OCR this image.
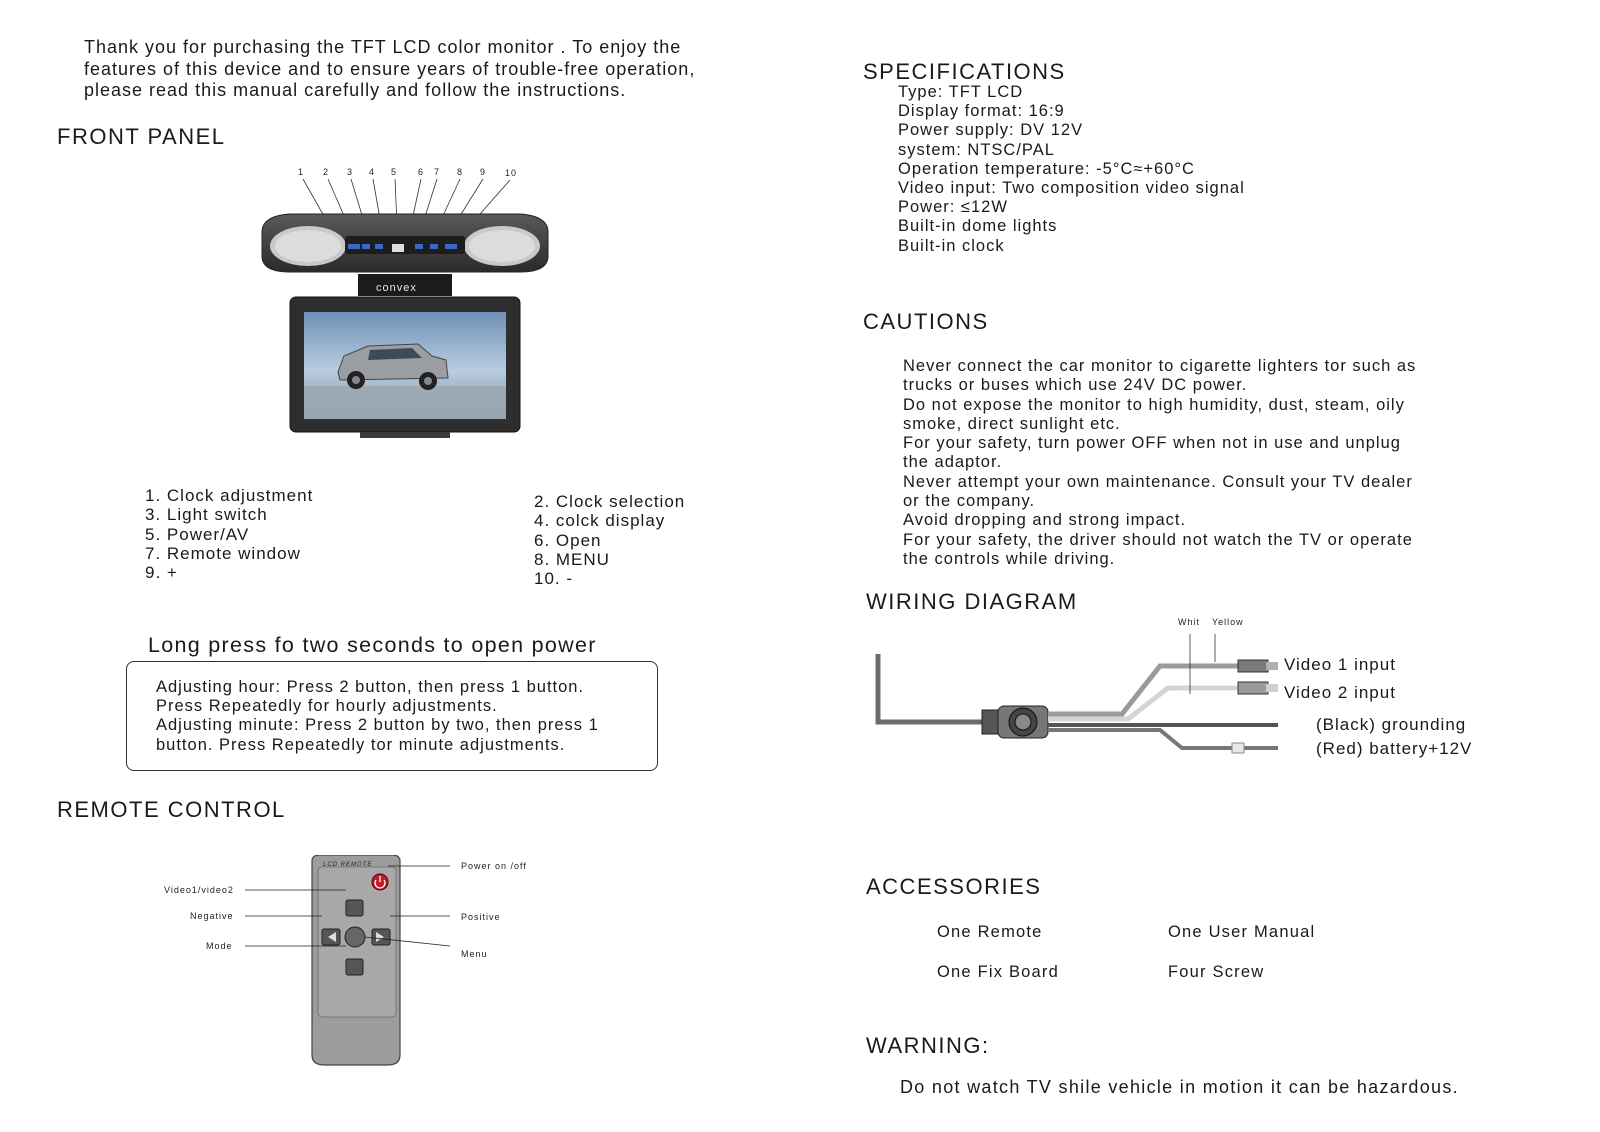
Thank you for purchasing the TFT LCD color monitor . To enjoy the
features of this device and to ensure years of trouble-free operation,
please read this manual carefully and follow the instructions.
FRONT PANEL
1 2 3 4 5 6 7 8 9 10
convex
1. Clock adjustment
3. Light switch
5. Power/AV
7. Remote window
9. +
2. Clock selection
4. colck display
6. Open
8. MENU
10. -
Long press fo two seconds to open power
Adjusting hour: Press 2 button, then press 1 button.
Press Repeatedly for hourly adjustments.
Adjusting minute: Press 2 button by two, then press 1
button. Press Repeatedly tor minute adjustments.
REMOTE CONTROL
LCD REMOTE
Video1/video2
Negative
Mode
Power on /off
Positive
Menu
SPECIFICATIONS
Type: TFT LCD
Display format: 16:9
Power supply: DV 12V
system: NTSC/PAL
Operation temperature: -5°C≈+60°C
Video input: Two composition video signal
Power: ≤12W
Built-in dome lights
Built-in clock
CAUTIONS
Never connect the car monitor to cigarette lighters tor such as
trucks or buses which use 24V DC power.
Do not expose the monitor to high humidity, dust, steam, oily
smoke, direct sunlight etc.
For your safety, turn power OFF when not in use and unplug
the adaptor.
Never attempt your own maintenance. Consult your TV dealer
or the company.
Avoid dropping and strong impact.
For your safety, the driver should not watch the TV or operate
the controls while driving.
WIRING DIAGRAM
Whit Yellow
Video 1 input
Video 2 input
(Black) grounding
(Red) battery+12V
ACCESSORIES
One Remote	One User Manual
One Fix Board	Four Screw
WARNING:
Do not watch TV shile vehicle in motion it can be hazardous.
